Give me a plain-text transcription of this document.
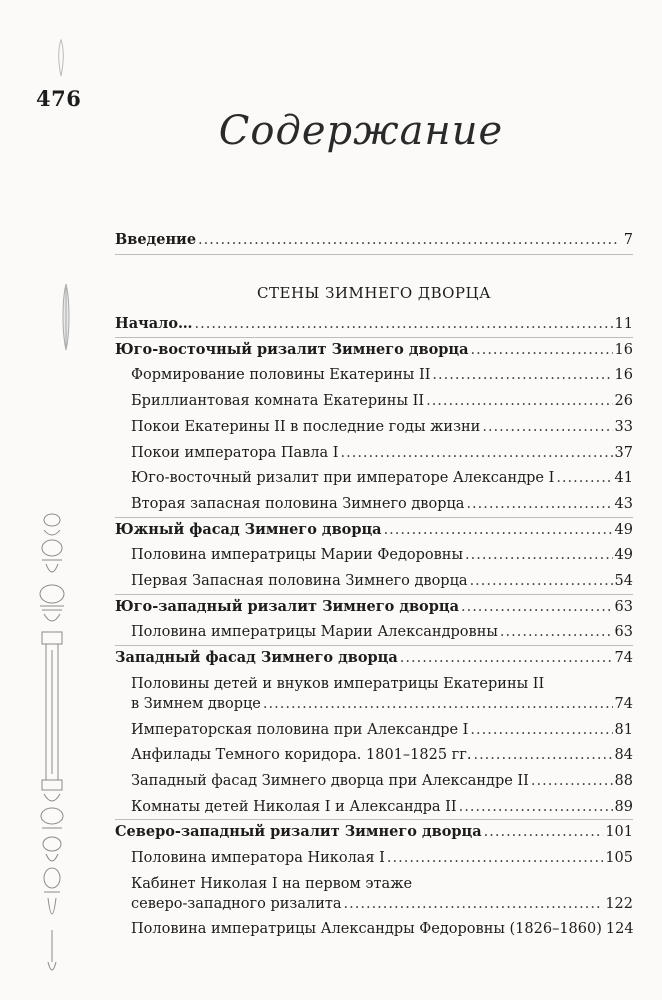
476
Содержание
Введение .....	7
СТЕНЫ ЗИМНЕГО ДВОРЦА
Начало… .....	11
Юго-восточный ризалит Зимнего дворца .....	16
Формирование половины Екатерины II .....	16
Бриллиантовая комната Екатерины II .....	26
Покои Екатерины II в последние годы жизни .....	33
Покои императора Павла I .....	37
Юго-восточный ризалит при императоре Александре I .....	41
Вторая запасная половина Зимнего дворца .....	43
Южный фасад Зимнего дворца .....	49
Половина императрицы Марии Федоровны .....	49
Первая Запасная половина Зимнего дворца .....	54
Юго-западный ризалит Зимнего дворца .....	63
Половина императрицы Марии Александровны .....	63
Западный фасад Зимнего дворца .....	74
Половины детей и внуков императрицы Екатерины II
в Зимнем дворце .....	74
Императорская половина при Александре I .....	81
Анфилады Темного коридора. 1801–1825 гг. .....	84
Западный фасад Зимнего дворца при Александре II .....	88
Комнаты детей Николая I и Александра II .....	89
Северо-западный ризалит Зимнего дворца .....	101
Половина императора Николая I .....	105
Кабинет Николая I на первом этаже
северо-западного ризалита .....	122
Половина императрицы Александры Федоровны (1826–1860) 124
